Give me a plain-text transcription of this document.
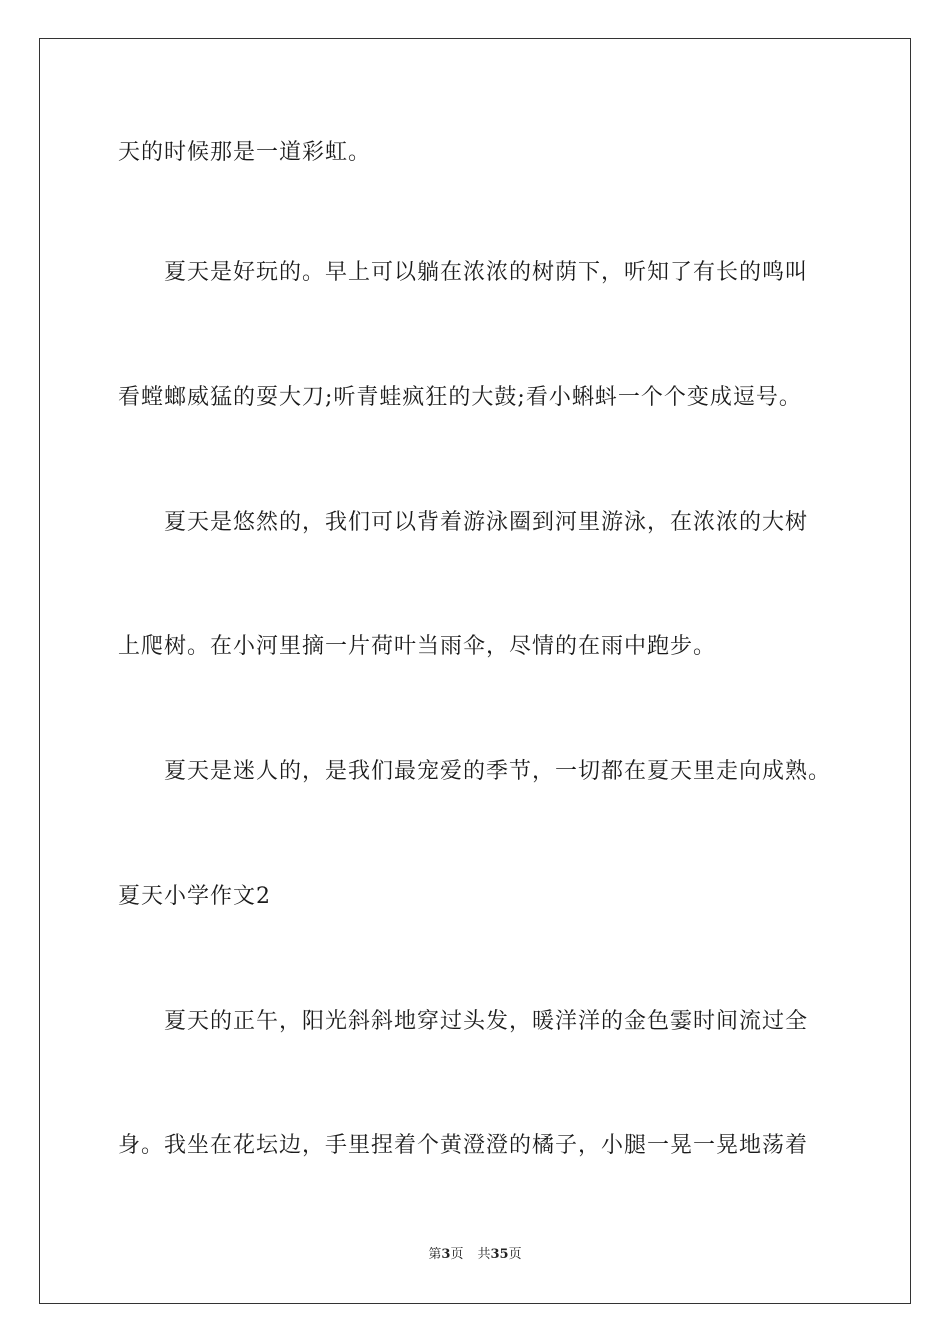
天的时候那是一道彩虹。
夏天是好玩的。早上可以躺在浓浓的树荫下，听知了有长的鸣叫
看螳螂威猛的耍大刀;听青蛙疯狂的大鼓;看小蝌蚪一个个变成逗号。
夏天是悠然的，我们可以背着游泳圈到河里游泳，在浓浓的大树
上爬树。在小河里摘一片荷叶当雨伞，尽情的在雨中跑步。
夏天是迷人的，是我们最宠爱的季节，一切都在夏天里走向成熟。
夏天小学作文2
夏天的正午，阳光斜斜地穿过头发，暖洋洋的金色霎时间流过全
身。我坐在花坛边，手里捏着个黄澄澄的橘子，小腿一晃一晃地荡着
第3页 共35页
